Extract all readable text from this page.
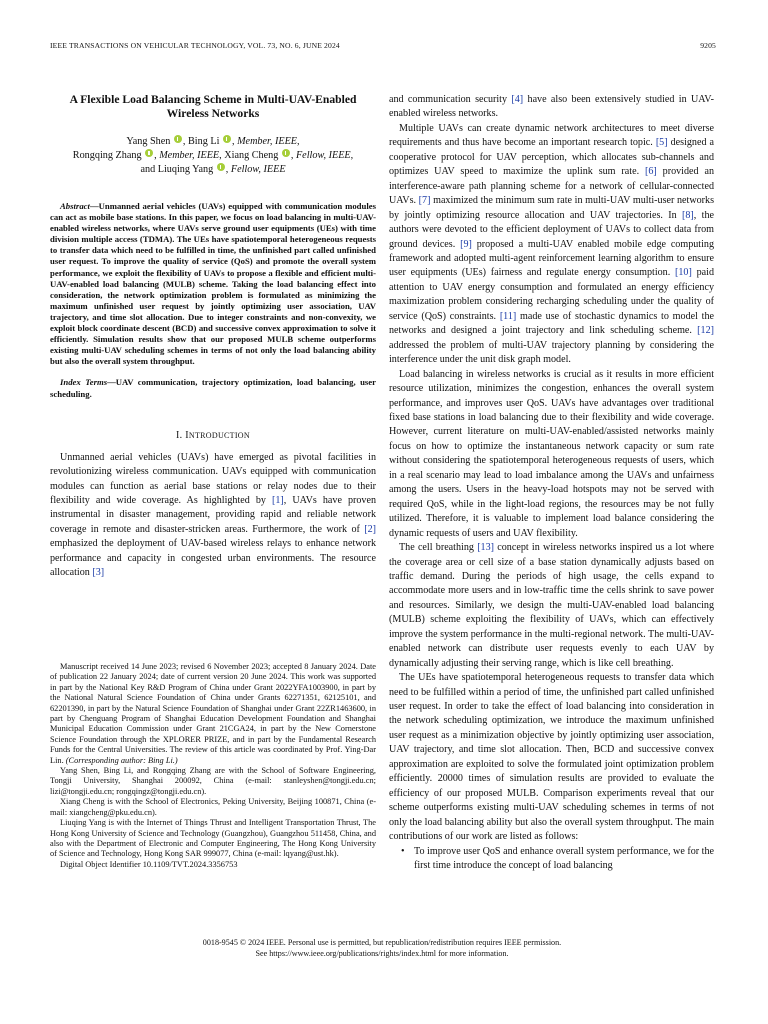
IEEE TRANSACTIONS ON VEHICULAR TECHNOLOGY, VOL. 73, NO. 6, JUNE 2024	9205
A Flexible Load Balancing Scheme in Multi-UAV-Enabled Wireless Networks
Yang Shen , Bing Li , Member, IEEE,
Rongqing Zhang , Member, IEEE, Xiang Cheng , Fellow, IEEE,
and Liuqing Yang , Fellow, IEEE

Abstract—Unmanned aerial vehicles (UAVs) equipped with communication modules can act as mobile base stations. In this paper, we focus on load balancing in multi-UAV-enabled wireless networks, where UAVs serve ground user equipments (UEs) with time division multiple access (TDMA). The UEs have spatiotemporal heterogeneous requests to transfer data which need to be fulfilled in time, the unfinished part called unfinished user request. To improve the quality of service (QoS) and promote the overall system performance, we exploit the flexibility of UAVs to propose a flexible and efficient multi-UAV-enabled load balancing (MULB) scheme. Taking the load balancing effect into consideration, the network optimization problem is formulated as minimizing the maximum unfinished user request by jointly optimizing user association, UAV trajectory, and time slot allocation. Due to integer constraints and non-convexity, we exploit block coordinate descent (BCD) and successive convex approximation to solve it efficiently. Simulation results show that our proposed MULB scheme outperforms existing multi-UAV scheduling schemes in terms of not only the load balancing ability but also the overall system throughput.

Index Terms—UAV communication, trajectory optimization, load balancing, user scheduling.

I. INTRODUCTION

Unmanned aerial vehicles (UAVs) have emerged as pivotal facilities in revolutionizing wireless communication. UAVs equipped with communication modules can function as aerial base stations or relay nodes due to their flexibility and wide coverage. As highlighted by [1], UAVs have proven instrumental in disaster management, providing rapid and reliable network coverage in remote and disaster-stricken areas. Furthermore, the work of [2] emphasized the deployment of UAV-based wireless relays to enhance network performance and capacity in congested urban environments. The resource allocation [3]

Manuscript received 14 June 2023; revised 6 November 2023; accepted 8 January 2024. Date of publication 22 January 2024; date of current version 20 June 2024. This work was supported in part by the National Key R&D Program of China under Grant 2022YFA1003900, in part by the National Natural Science Foundation of China under Grants 62271351, 62125101, and 62201390, in part by the Natural Science Foundation of Shanghai under Grant 22ZR1463600, in part by Chenguang Program of Shanghai Education Development Foundation and Shanghai Municipal Education Commission under Grant 21CGA24, in part by the New Cornerstone Science Foundation through the XPLORER PRIZE, and in part by the Fundamental Research Funds for the Central Universities. The review of this article was coordinated by Prof. Ying-Dar Lin. (Corresponding author: Bing Li.)

Yang Shen, Bing Li, and Rongqing Zhang are with the School of Software Engineering, Tongji University, Shanghai 200092, China (e-mail: stanleyshen@tongji.edu.cn; lizi@tongji.edu.cn; rongqingz@tongji.edu.cn).

Xiang Cheng is with the School of Electronics, Peking University, Beijing 100871, China (e-mail: xiangcheng@pku.edu.cn).

Liuqing Yang is with the Internet of Things Thrust and Intelligent Transportation Thrust, The Hong Kong University of Science and Technology (Guangzhou), Guangzhou 511458, China, and also with the Department of Electronic and Computer Engineering, The Hong Kong University of Science and Technology, Hong Kong SAR 999077, China (e-mail: lqyang@ust.hk).

Digital Object Identifier 10.1109/TVT.2024.3356753

and communication security [4] have also been extensively studied in UAV-enabled wireless networks.

Multiple UAVs can create dynamic network architectures to meet diverse requirements and thus have become an important research topic. [5] designed a cooperative protocol for UAV perception, which allocates sub-channels and optimizes UAV speed to maximize the uplink sum rate. [6] provided an interference-aware path planning scheme for a network of cellular-connected UAVs. [7] maximized the minimum sum rate in multi-UAV multi-user networks by jointly optimizing resource allocation and UAV trajectories. In [8], the authors were devoted to the efficient deployment of UAVs to collect data from ground devices. [9] proposed a multi-UAV enabled mobile edge computing framework and adopted multi-agent reinforcement learning algorithm to ensure user equipments (UEs) fairness and regulate energy consumption. [10] paid attention to UAV energy consumption and formulated an energy efficiency maximization problem considering recharging scheduling under the quality of service (QoS) constraints. [11] made use of stochastic dynamics to model the networks and designed a joint trajectory and link scheduling scheme. [12] addressed the problem of multi-UAV trajectory planning by considering the interference under the unit disk graph model.

Load balancing in wireless networks is crucial as it results in more efficient resource utilization, minimizes the congestion, enhances the overall system performance, and improves user QoS. UAVs have advantages over traditional fixed base stations in load balancing due to their flexibility and wide coverage. However, current literature on multi-UAV-enabled/assisted networks mainly focus on how to optimize the instantaneous network capacity or sum rate without considering the spatiotemporal heterogeneous requests of users, which in a real scenario may lead to load imbalance among the UAVs and unfairness among the users. Users in the heavy-load hotspots may not be served with required QoS, while in the light-load regions, the resources may be not fully utilized. Therefore, it is valuable to implement load balance considering the dynamic requests of users and UAV flexibility.

The cell breathing [13] concept in wireless networks inspired us a lot where the coverage area or cell size of a base station dynamically adjusts based on traffic demand. During the periods of high usage, the cells expand to accommodate more users and in low-traffic time the cells shrink to save power and resources. Similarly, we design the multi-UAV-enabled load balancing (MULB) scheme exploiting the flexibility of UAVs, which can effectively improve the system performance in the multi-regional network. The multi-UAV-enabled network can distribute user requests evenly to each UAV by dynamically adjusting their serving range, which is like cell breathing.

The UEs have spatiotemporal heterogeneous requests to transfer data which need to be fulfilled within a period of time, the unfinished part called unfinished user request. In order to take the effect of load balancing into consideration in the network scheduling optimization, we introduce the maximum unfinished user request as a minimization objective by jointly optimizing user association, UAV trajectory, and time slot allocation. Then, BCD and successive convex approximation are exploited to solve the formulated joint optimization problem efficiently. 20000 times of simulation results are provided to evaluate the efficiency of our proposed MULB. Comparison experiments reveal that our scheme outperforms existing multi-UAV scheduling schemes in terms of not only the load balancing ability but also the overall system throughput. The main contributions of our work are listed as follows:

• To improve user QoS and enhance overall system performance, we for the first time introduce the concept of load balancing
0018-9545 © 2024 IEEE. Personal use is permitted, but republication/redistribution requires IEEE permission.
See https://www.ieee.org/publications/rights/index.html for more information.
